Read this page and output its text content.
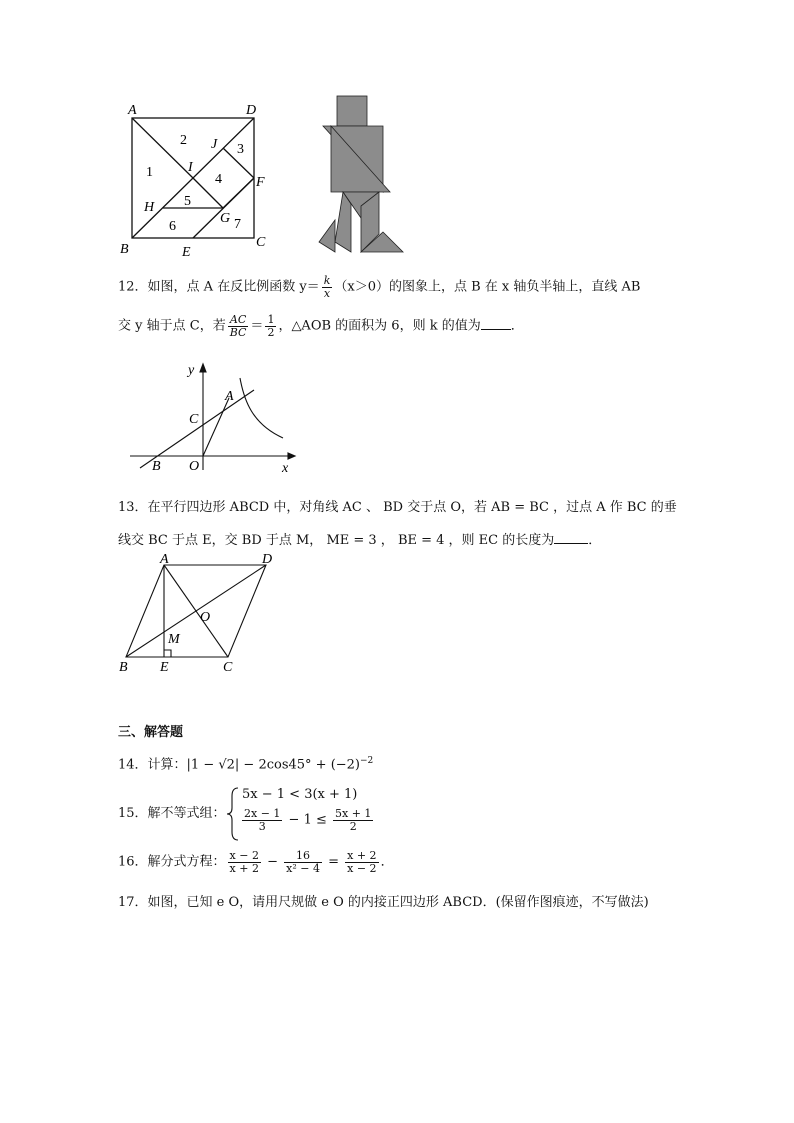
A	D
J
F
I
H
G
B	E
C
2
3
1	4
5
6	7
12．如图，点 A 在反比例函数 $y= \frac{k}{x} (x>0)$的图象上，点 B 在 x 轴负半轴上，直线 AB
交 y 轴于点 C，若 $\frac{AC}{BC} = \frac{1}{2}$ ，△AOB 的面积为 6，则 k 的值为 ．
y
A
C
B O	x
13．在平行四边形 ABCD 中，对角线 AC 、 BD 交于点 O，若 AB = BC ，过点 A 作 BC 的垂
线交 BC 于点 E，交 BD 于点 M， ME = 3 ， BE = 4 ，则 EC 的长度为	．
A	D
O
M
B E	C
三、解答题
14．计算：$|1 - √2| - 2\cos 45^\circ + (-2)^{-2}$
15．解不等式组：
5x − 1 < 3(x + 1)
$\frac{2x - 1}{3} - 1 \le \frac{5x + 1}{2}$
16．解分式方程： $\frac{x - 2}{x + 2} - \frac{16}{\text{x² − 4}} = \frac{x + 2}{x - 2}$ ．
17．如图，已知 e O，请用尺规做 e O 的内接正四边形 ABCD．(保留作图痕迹，不写做法)
